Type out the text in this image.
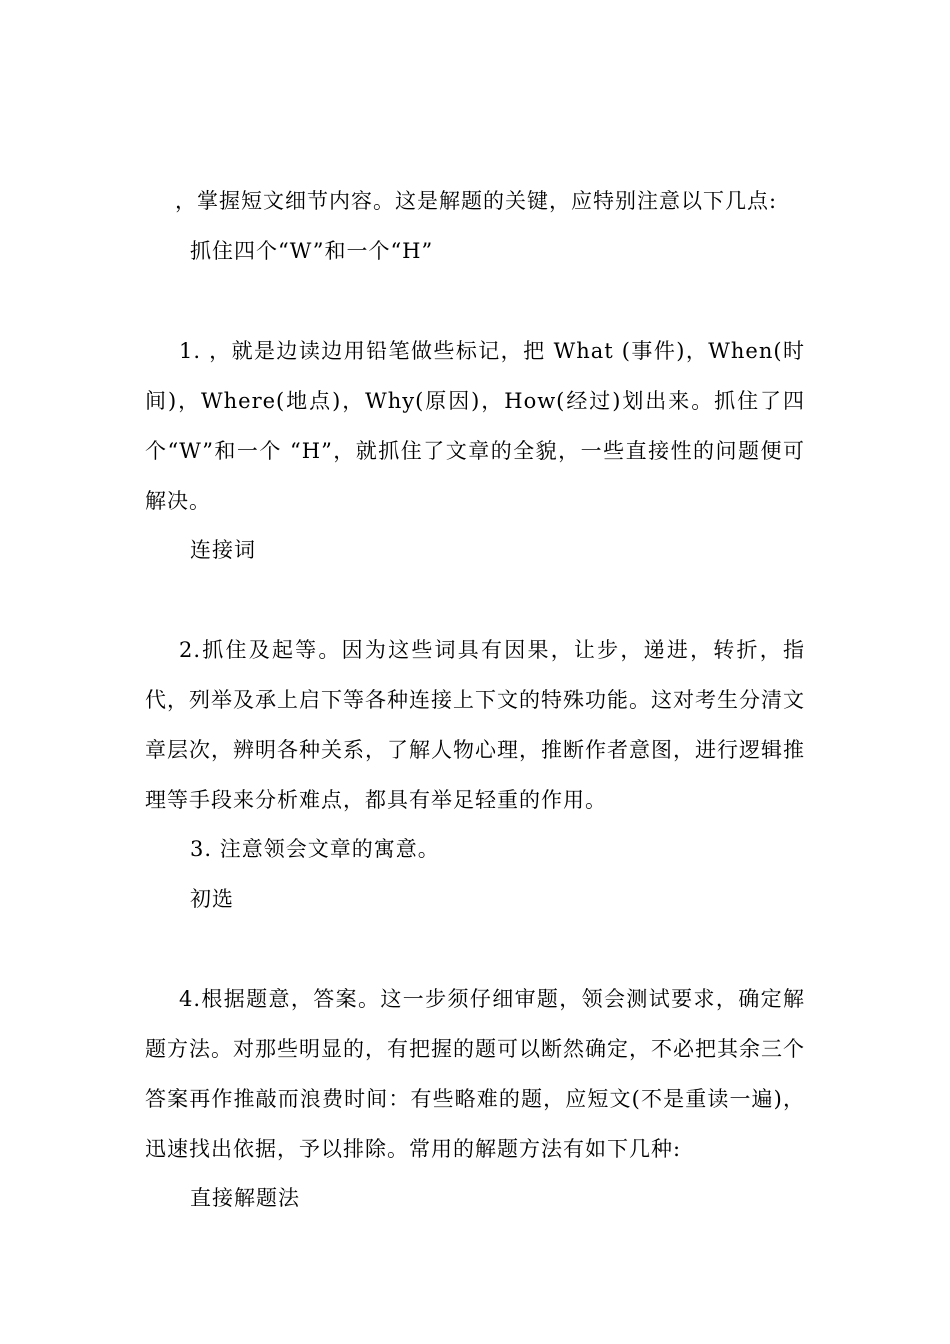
，掌握短文细节内容。这是解题的关键，应特别注意以下几点:
抓住四个“W”和一个“H”
1. ，就是边读边用铅笔做些标记，把 What (事件)，When(时间)，Where(地点)，Why(原因)，How(经过)划出来。抓住了四个“W”和一个 “H”，就抓住了文章的全貌，一些直接性的问题便可解决。
连接词
2.抓住及起等。因为这些词具有因果，让步，递进，转折，指代，列举及承上启下等各种连接上下文的特殊功能。这对考生分清文章层次，辨明各种关系，了解人物心理，推断作者意图，进行逻辑推理等手段来分析难点，都具有举足轻重的作用。
3. 注意领会文章的寓意。
初选
4.根据题意，答案。这一步须仔细审题，领会测试要求，确定解题方法。对那些明显的，有把握的题可以断然确定，不必把其余三个答案再作推敲而浪费时间：有些略难的题，应短文(不是重读一遍)，迅速找出依据，予以排除。常用的解题方法有如下几种:
直接解题法
